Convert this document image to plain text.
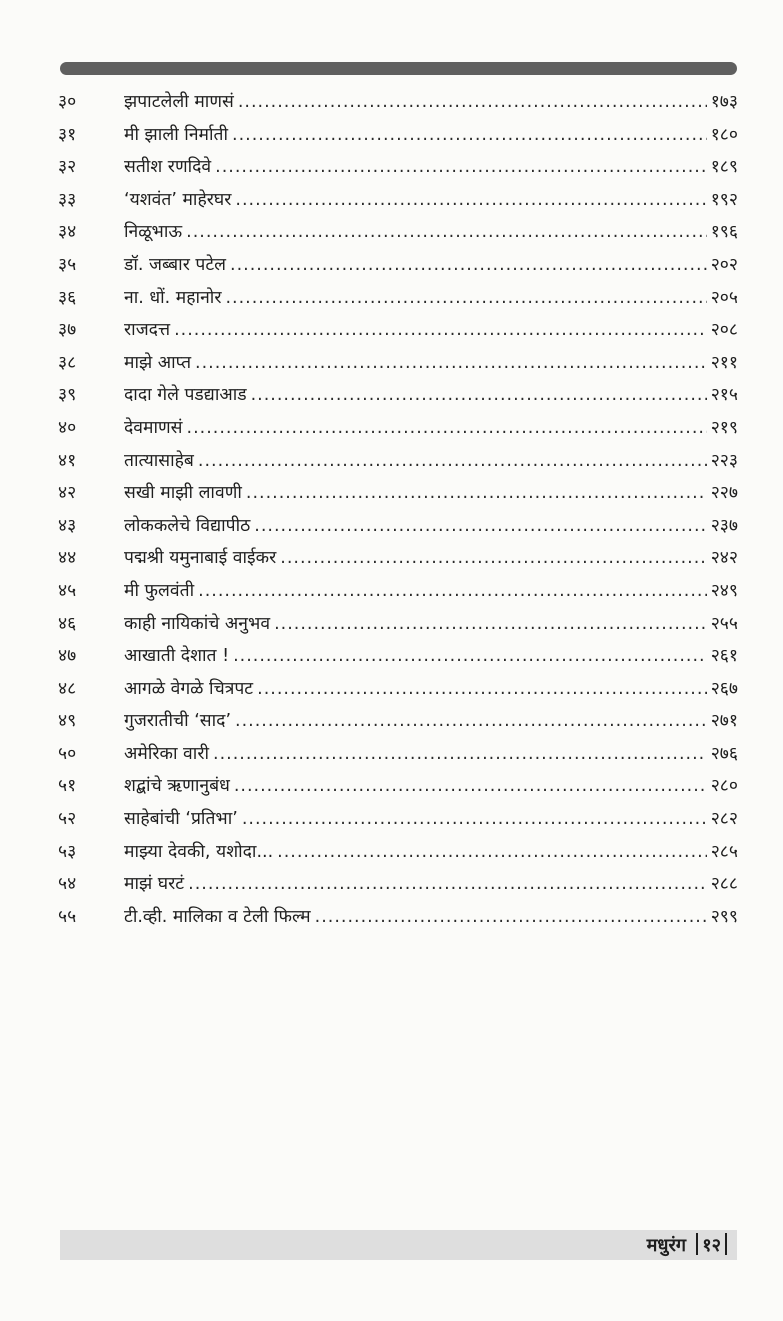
३०	झपाटलेली माणसं .....	१७३
३१	मी झाली निर्माती .....	१८०
३२	सतीश रणदिवे .....	१८९
३३	‘यशवंत’ माहेरघर .....	१९२
३४	निळूभाऊ .....	१९६
३५	डॉ. जब्बार पटेल .....	२०२
३६	ना. धों. महानोर .....	२०५
३७	राजदत्त .....	२०८
३८	माझे आप्त .....	२११
३९	दादा गेले पडद्याआड .....	२१५
४०	देवमाणसं .....	२१९
४१	तात्यासाहेब .....	२२३
४२	सखी माझी लावणी .....	२२७
४३	लोककलेचे विद्यापीठ .....	२३७
४४	पद्मश्री यमुनाबाई वाईकर .....	२४२
४५	मी फुलवंती .....	२४९
४६	काही नायिकांचे अनुभव .....	२५५
४७	आखाती देशात ! .....	२६१
४८	आगळे वेगळे चित्रपट .....	२६७
४९	गुजरातीची ‘साद’ .....	२७१
५०	अमेरिका वारी .....	२७६
५१	शद्बांचे ऋणानुबंध .....	२८०
५२	साहेबांची ‘प्रतिभा’ .....	२८२
५३	माझ्या देवकी, यशोदा... .....	२८५
५४	माझं घरटं .....	२८८
५५	टी.व्ही. मालिका व टेली फिल्म .....	२९९
मधुरंग १२
